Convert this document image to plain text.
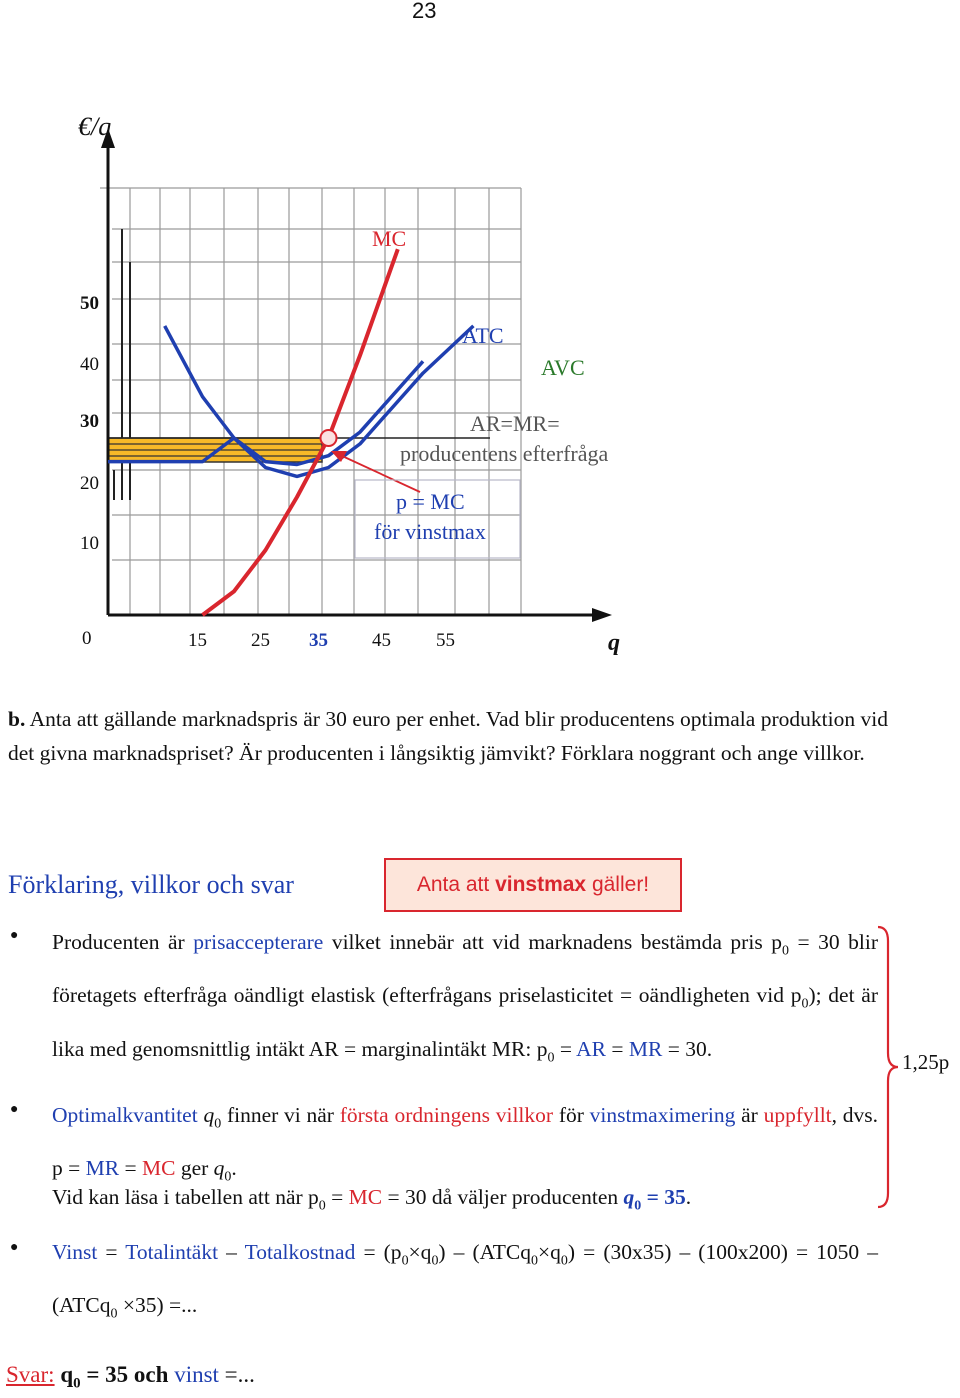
23
€/q
50
40
30
20
10
0	15 25 35 45 55	q
MC
ATC
AVC
AR=MR=
producentens efterfråga
p = MC
för vinstmax
b. Anta att gällande marknadspris är 30 euro per enhet. Vad blir producentens optimala produktion vid det givna marknadspriset? Är producenten i långsiktig jämvikt? Förklara noggrant och ange villkor.
Förklaring, villkor och svar	Anta att vinstmax gäller!
● Producenten är prisaccepterare vilket innebär att vid marknadens bestämda pris $p_0 = 30$ blir företagets efterfråga oändligt elastisk (efterfrågans priselasticitet = oändligheten vid $p_0$); det är lika med genomsnittlig intäkt AR = marginalintäkt MR: $p_0$ = AR = MR = 30.
1,25p
● Optimalkvantitet $q_0$ finner vi när första ordningens villkor för vinstmaximering är uppfyllt, dvs. p = MR = MC ger $q_0$.
Vid kan läsa i tabellen att när $p_0$ = MC = 30 då väljer producenten $q_0 = 35$.
● Vinst = Totalintäkt – Totalkostnad = $(p_0\times q_0)$ – $(ATCq_0\times q_0) = (30x35) - (100x200) = 1050$ – (ATCq$_0$ ×35) =...
Svar: $q_0 = 35$ och vinst =...
